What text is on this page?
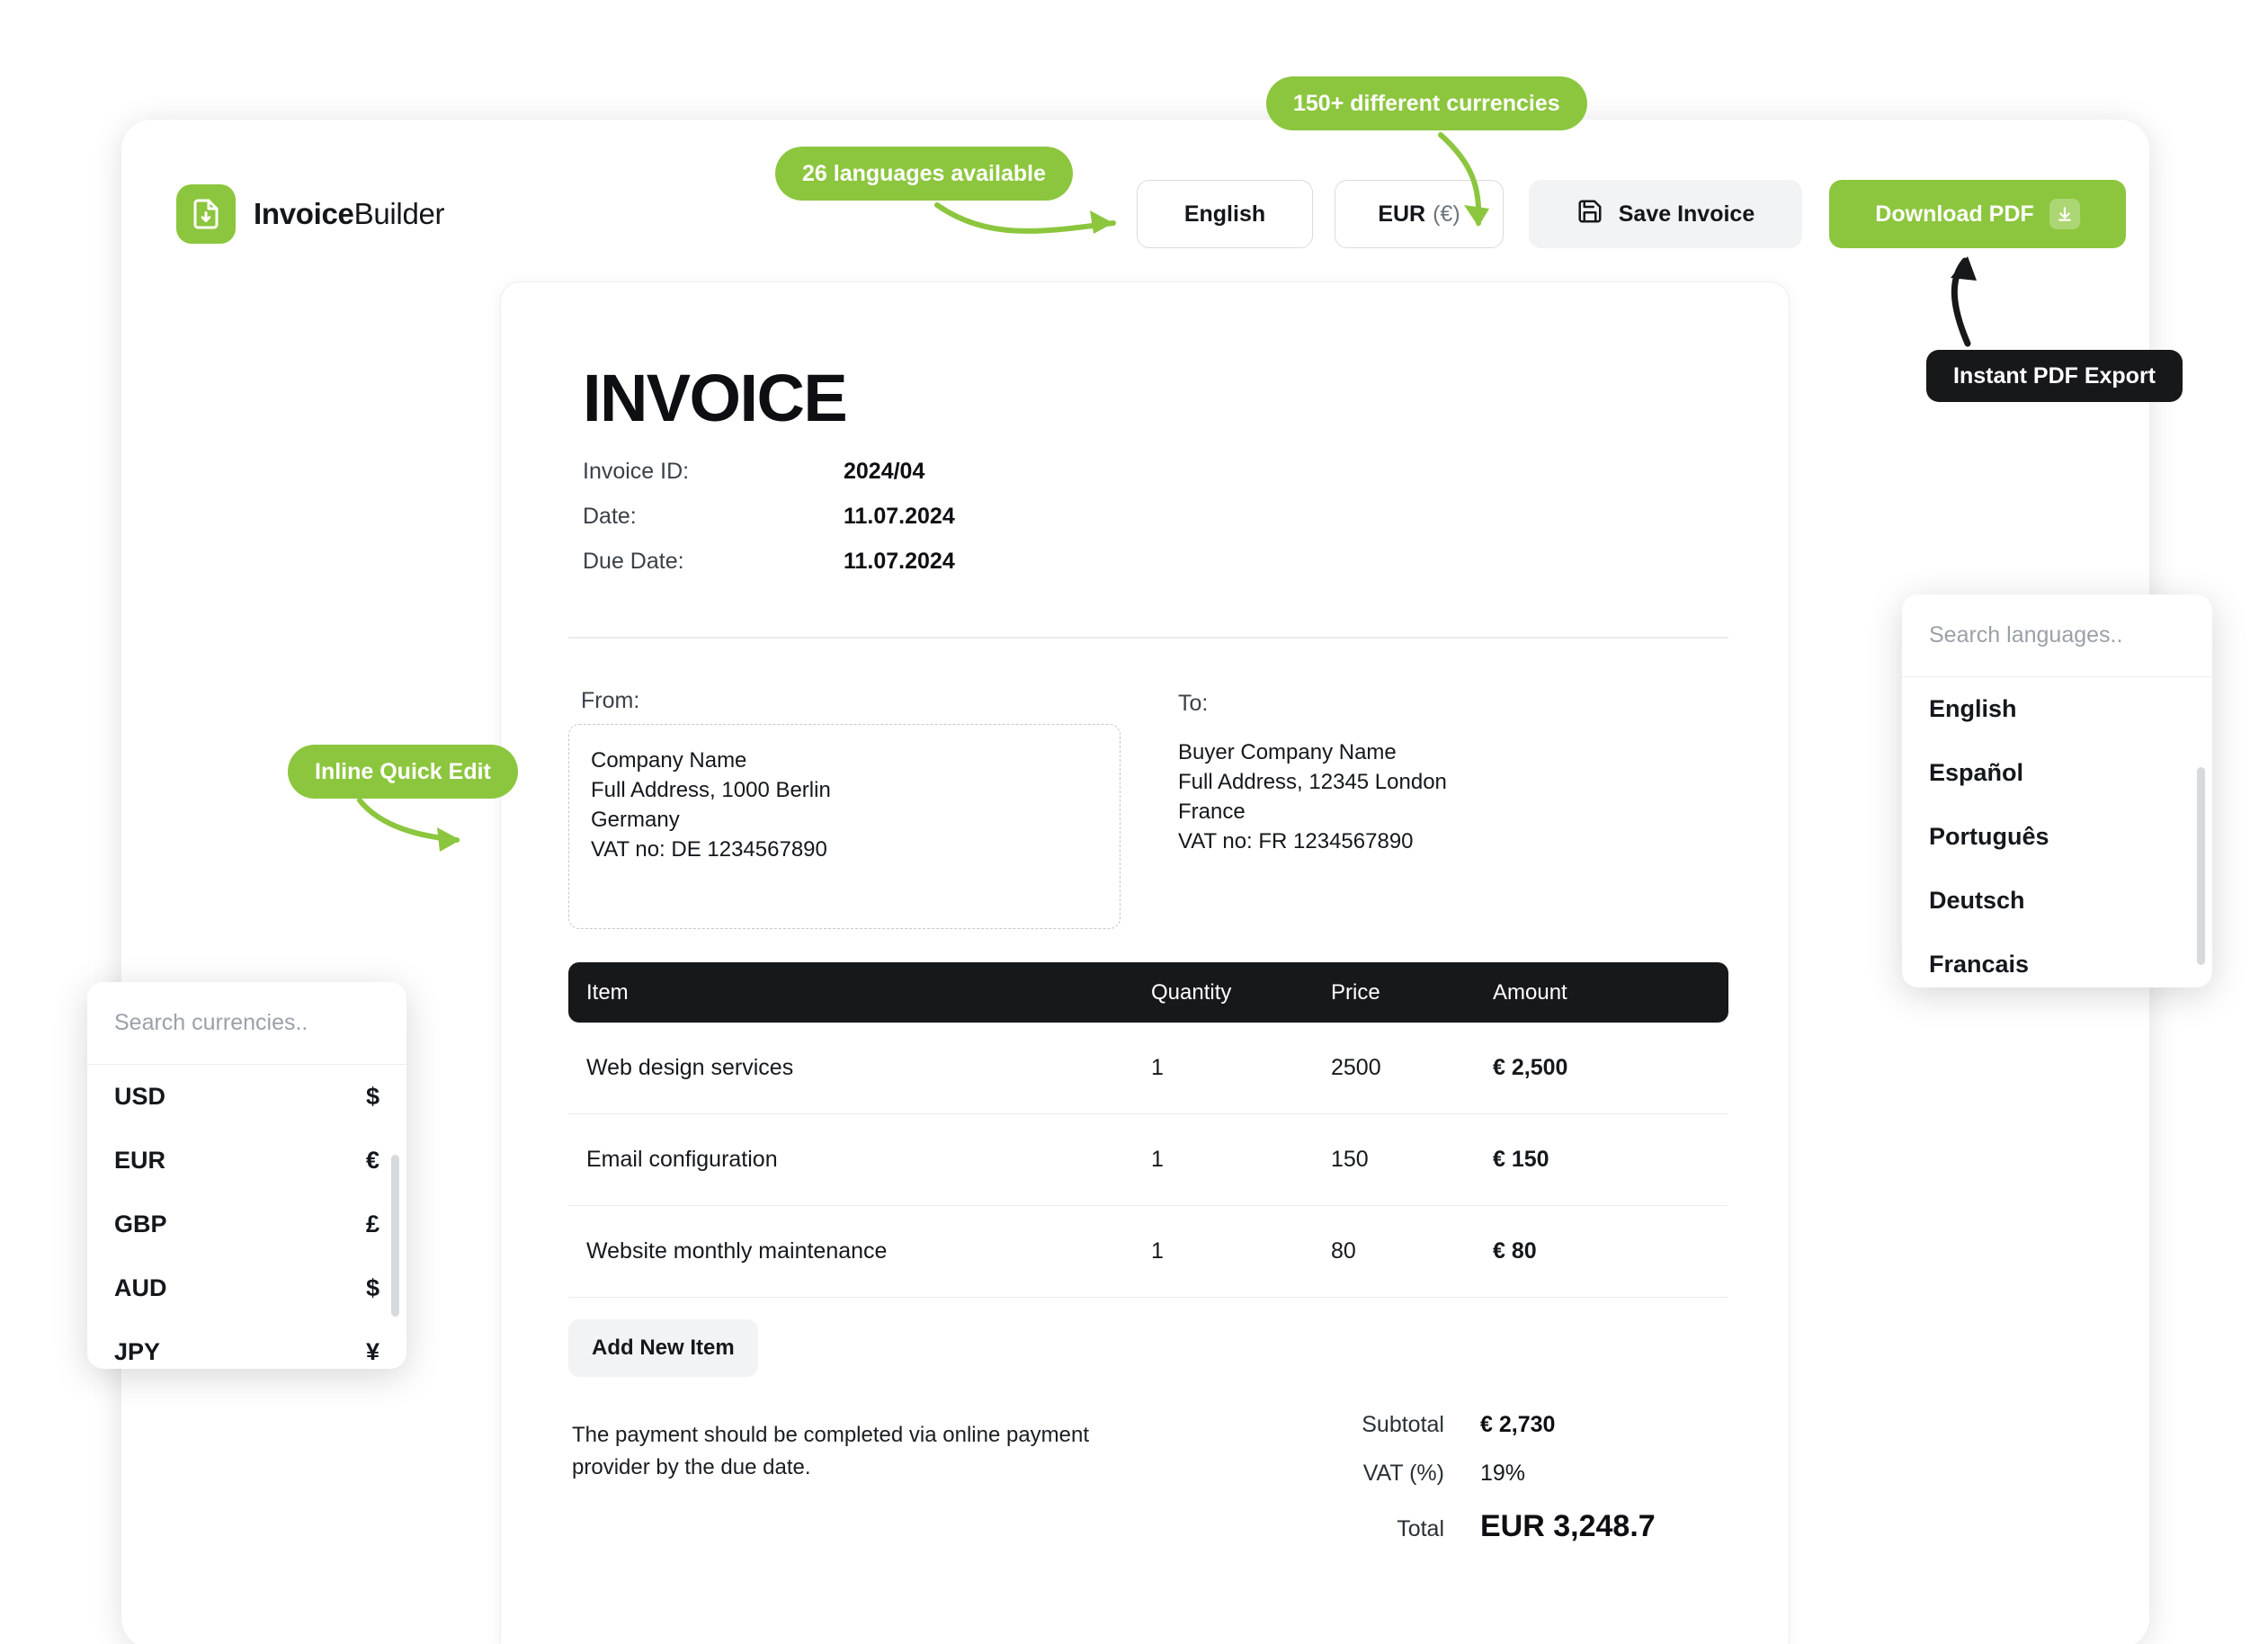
InvoiceBuilder	English	EUR (€)	Save Invoice	Download PDF
INVOICE
Invoice ID:	2024/04
Date:	11.07.2024
Due Date:	11.07.2024
From:	To:
Company Name
Full Address, 1000 Berlin
Germany
VAT no: DE 1234567890
Buyer Company Name
Full Address, 12345 London
France
VAT no: FR 1234567890
Item	Quantity	Price	Amount
Web design services	1	2500	€ 2,500
Email configuration	1	150	€ 150
Website monthly maintenance	1	80	€ 80
Add New Item
The payment should be completed via online payment provider by the due date.
Subtotal	€ 2,730
VAT (%)	19%
Total	EUR 3,248.7
26 languages available
150+ different currencies
Inline Quick Edit
Instant PDF Export
Search currencies..
USD	$
EUR	€
GBP	£
AUD	$
JPY	¥
Search languages..
English
Español
Português
Deutsch
Francais
